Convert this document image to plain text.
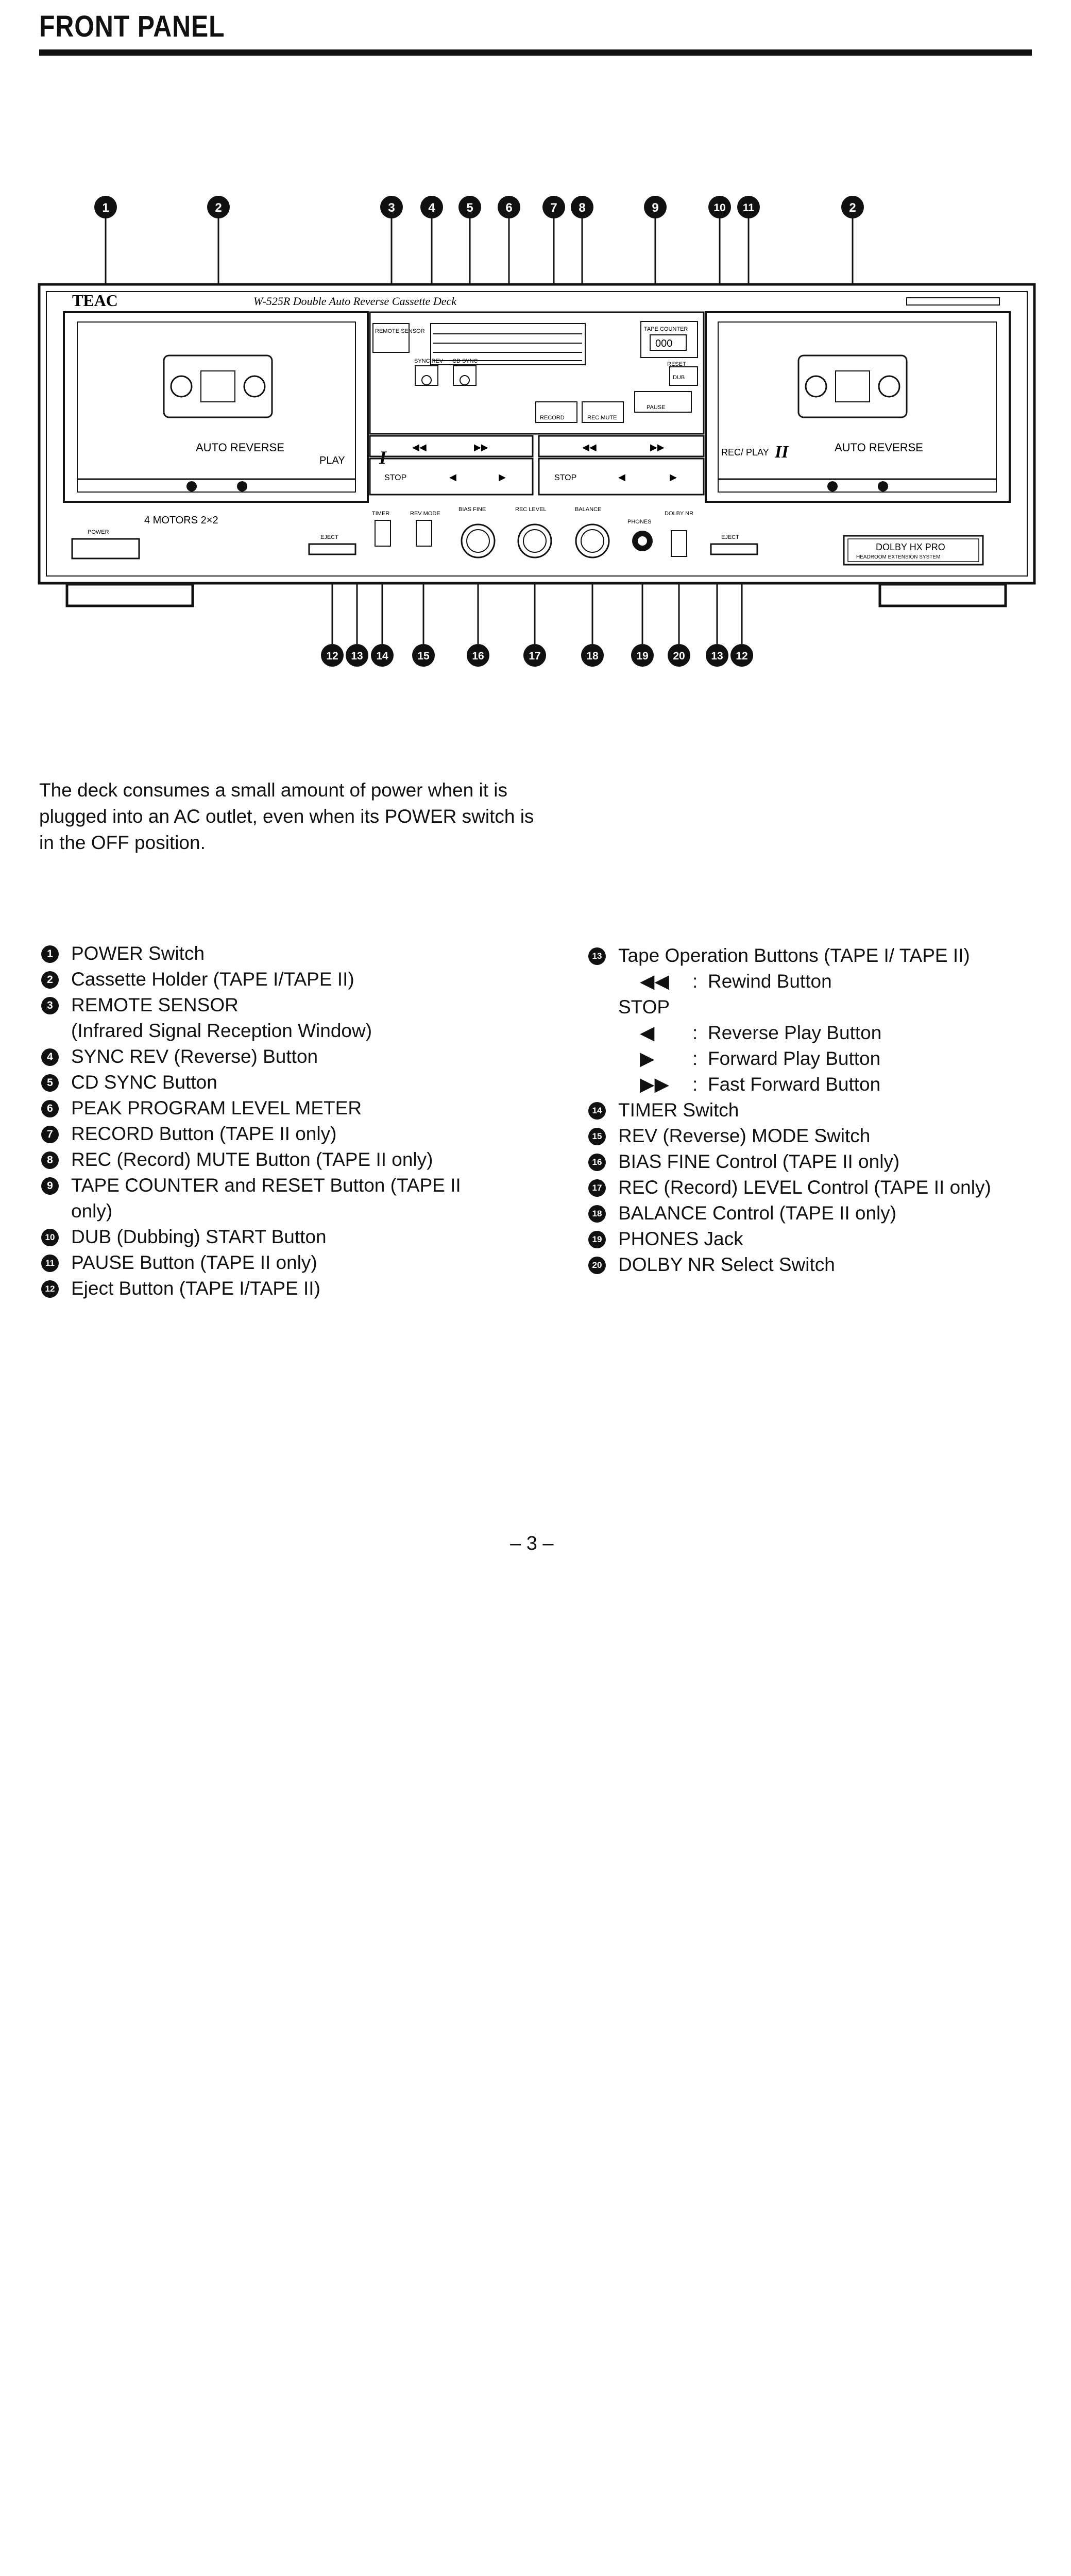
FRONT PANEL
1	2	3	4	5	6	7 8	9	10 11	2
TEAC	W-525R Double Auto Reverse Cassette Deck
AUTO REVERSE
PLAY I	AUTO REVERSE
REC/ PLAY II
REMOTE SENSOR	TAPE COUNTER
000
RESET
SYNC REV CD SYNC
RECORD	REC MUTE
PAUSE
DUB
◀◀	▶▶	◀◀	▶▶
STOP	◀	▶	STOP	◀	▶
4 MOTORS 2×2
POWER
EJECT	EJECT
TIMER	REV MODE
BIAS FINE	REC LEVEL	BALANCE
PHONES
DOLBY NR
DOLBY HX PRO
HEADROOM EXTENSION SYSTEM
12 13 14	15	16	17	18	19 20 13 12
The deck consumes a small amount of power when it is plugged into an AC outlet, even when its POWER switch is in the OFF position.
1 POWER Switch
2 Cassette Holder (TAPE I/TAPE II)
3 REMOTE SENSOR
(Infrared Signal Reception Window)
4 SYNC REV (Reverse) Button
5 CD SYNC Button
6 PEAK PROGRAM LEVEL METER
7 RECORD Button (TAPE II only)
8 REC (Record) MUTE Button (TAPE II only)
9 TAPE COUNTER and RESET Button (TAPE II
only)
10 DUB (Dubbing) START Button
11 PAUSE Button (TAPE II only)
12 Eject Button (TAPE I/TAPE II)
13 Tape Operation Buttons (TAPE I/ TAPE II)
◀◀	: Rewind Button
STOP
◀	: Reverse Play Button
▶	: Forward Play Button
▶▶	: Fast Forward Button
14 TIMER Switch
15 REV (Reverse) MODE Switch
16 BIAS FINE Control (TAPE II only)
17 REC (Record) LEVEL Control (TAPE II only)
18 BALANCE Control (TAPE II only)
19 PHONES Jack
20 DOLBY NR Select Switch
– 3 –
